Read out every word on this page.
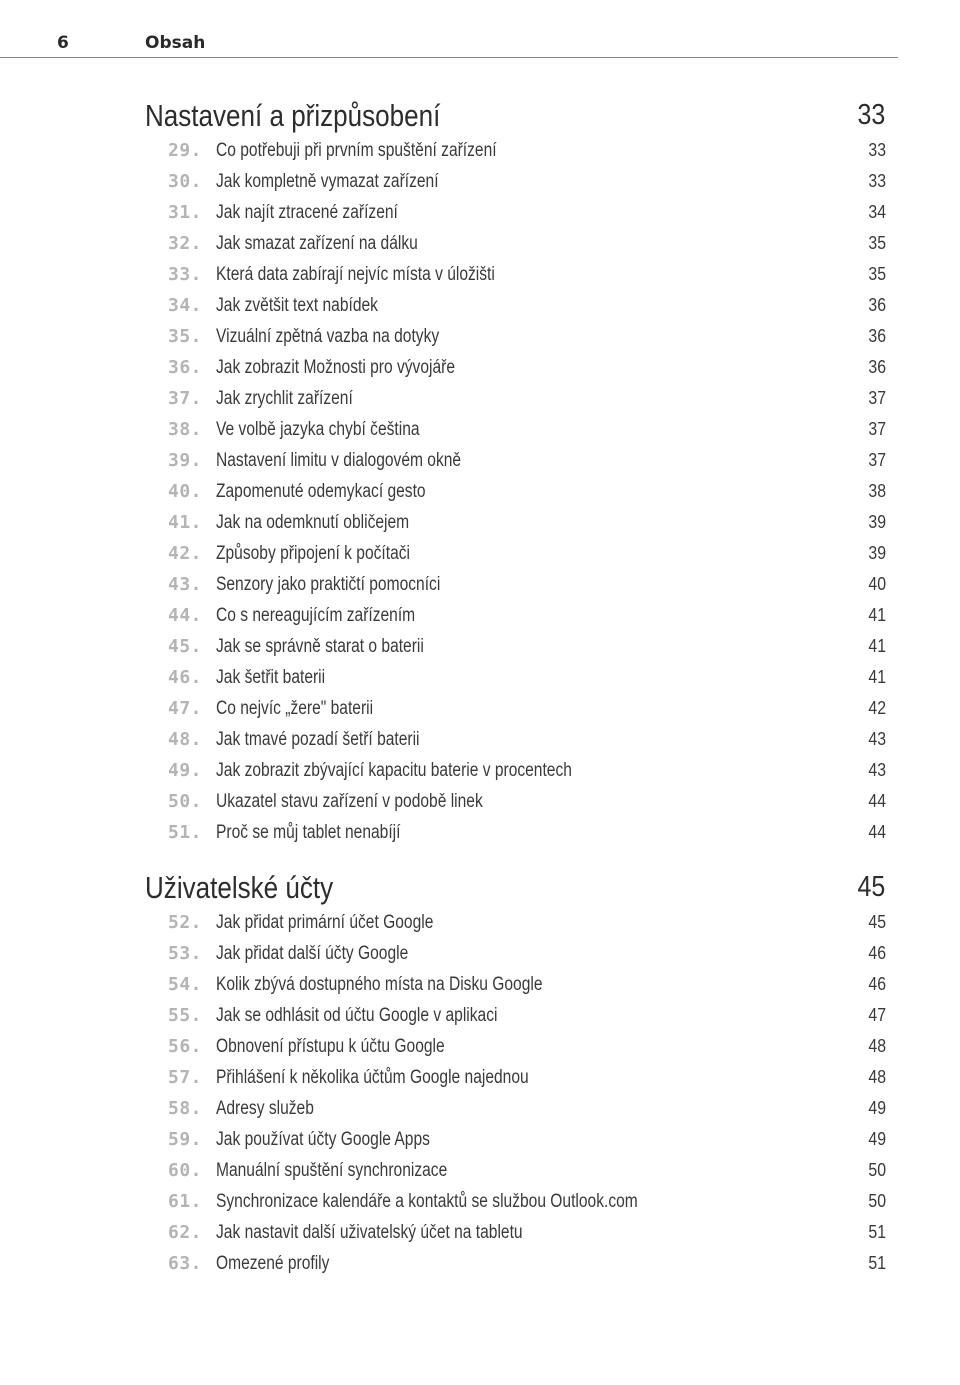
6	Obsah
Nastavení a přizpůsobení	33
29. Co potřebuji při prvním spuštění zařízení	33
30. Jak kompletně vymazat zařízení	33
31. Jak najít ztracené zařízení	34
32. Jak smazat zařízení na dálku	35
33. Která data zabírají nejvíc místa v úložišti	35
34. Jak zvětšit text nabídek	36
35. Vizuální zpětná vazba na dotyky	36
36. Jak zobrazit Možnosti pro vývojáře	36
37. Jak zrychlit zařízení	37
38. Ve volbě jazyka chybí čeština	37
39. Nastavení limitu v dialogovém okně	37
40. Zapomenuté odemykací gesto	38
41. Jak na odemknutí obličejem	39
42. Způsoby připojení k počítači	39
43. Senzory jako praktičtí pomocníci	40
44. Co s nereagujícím zařízením	41
45. Jak se správně starat o baterii	41
46. Jak šetřit baterii	41
47. Co nejvíc „žere" baterii	42
48. Jak tmavé pozadí šetří baterii	43
49. Jak zobrazit zbývající kapacitu baterie v procentech	43
50. Ukazatel stavu zařízení v podobě linek	44
51. Proč se můj tablet nenabíjí	44
Uživatelské účty	45
52. Jak přidat primární účet Google	45
53. Jak přidat další účty Google	46
54. Kolik zbývá dostupného místa na Disku Google	46
55. Jak se odhlásit od účtu Google v aplikaci	47
56. Obnovení přístupu k účtu Google	48
57. Přihlášení k několika účtům Google najednou	48
58. Adresy služeb	49
59. Jak používat účty Google Apps	49
60. Manuální spuštění synchronizace	50
61. Synchronizace kalendáře a kontaktů se službou Outlook.com	50
62. Jak nastavit další uživatelský účet na tabletu	51
63. Omezené profily	51
